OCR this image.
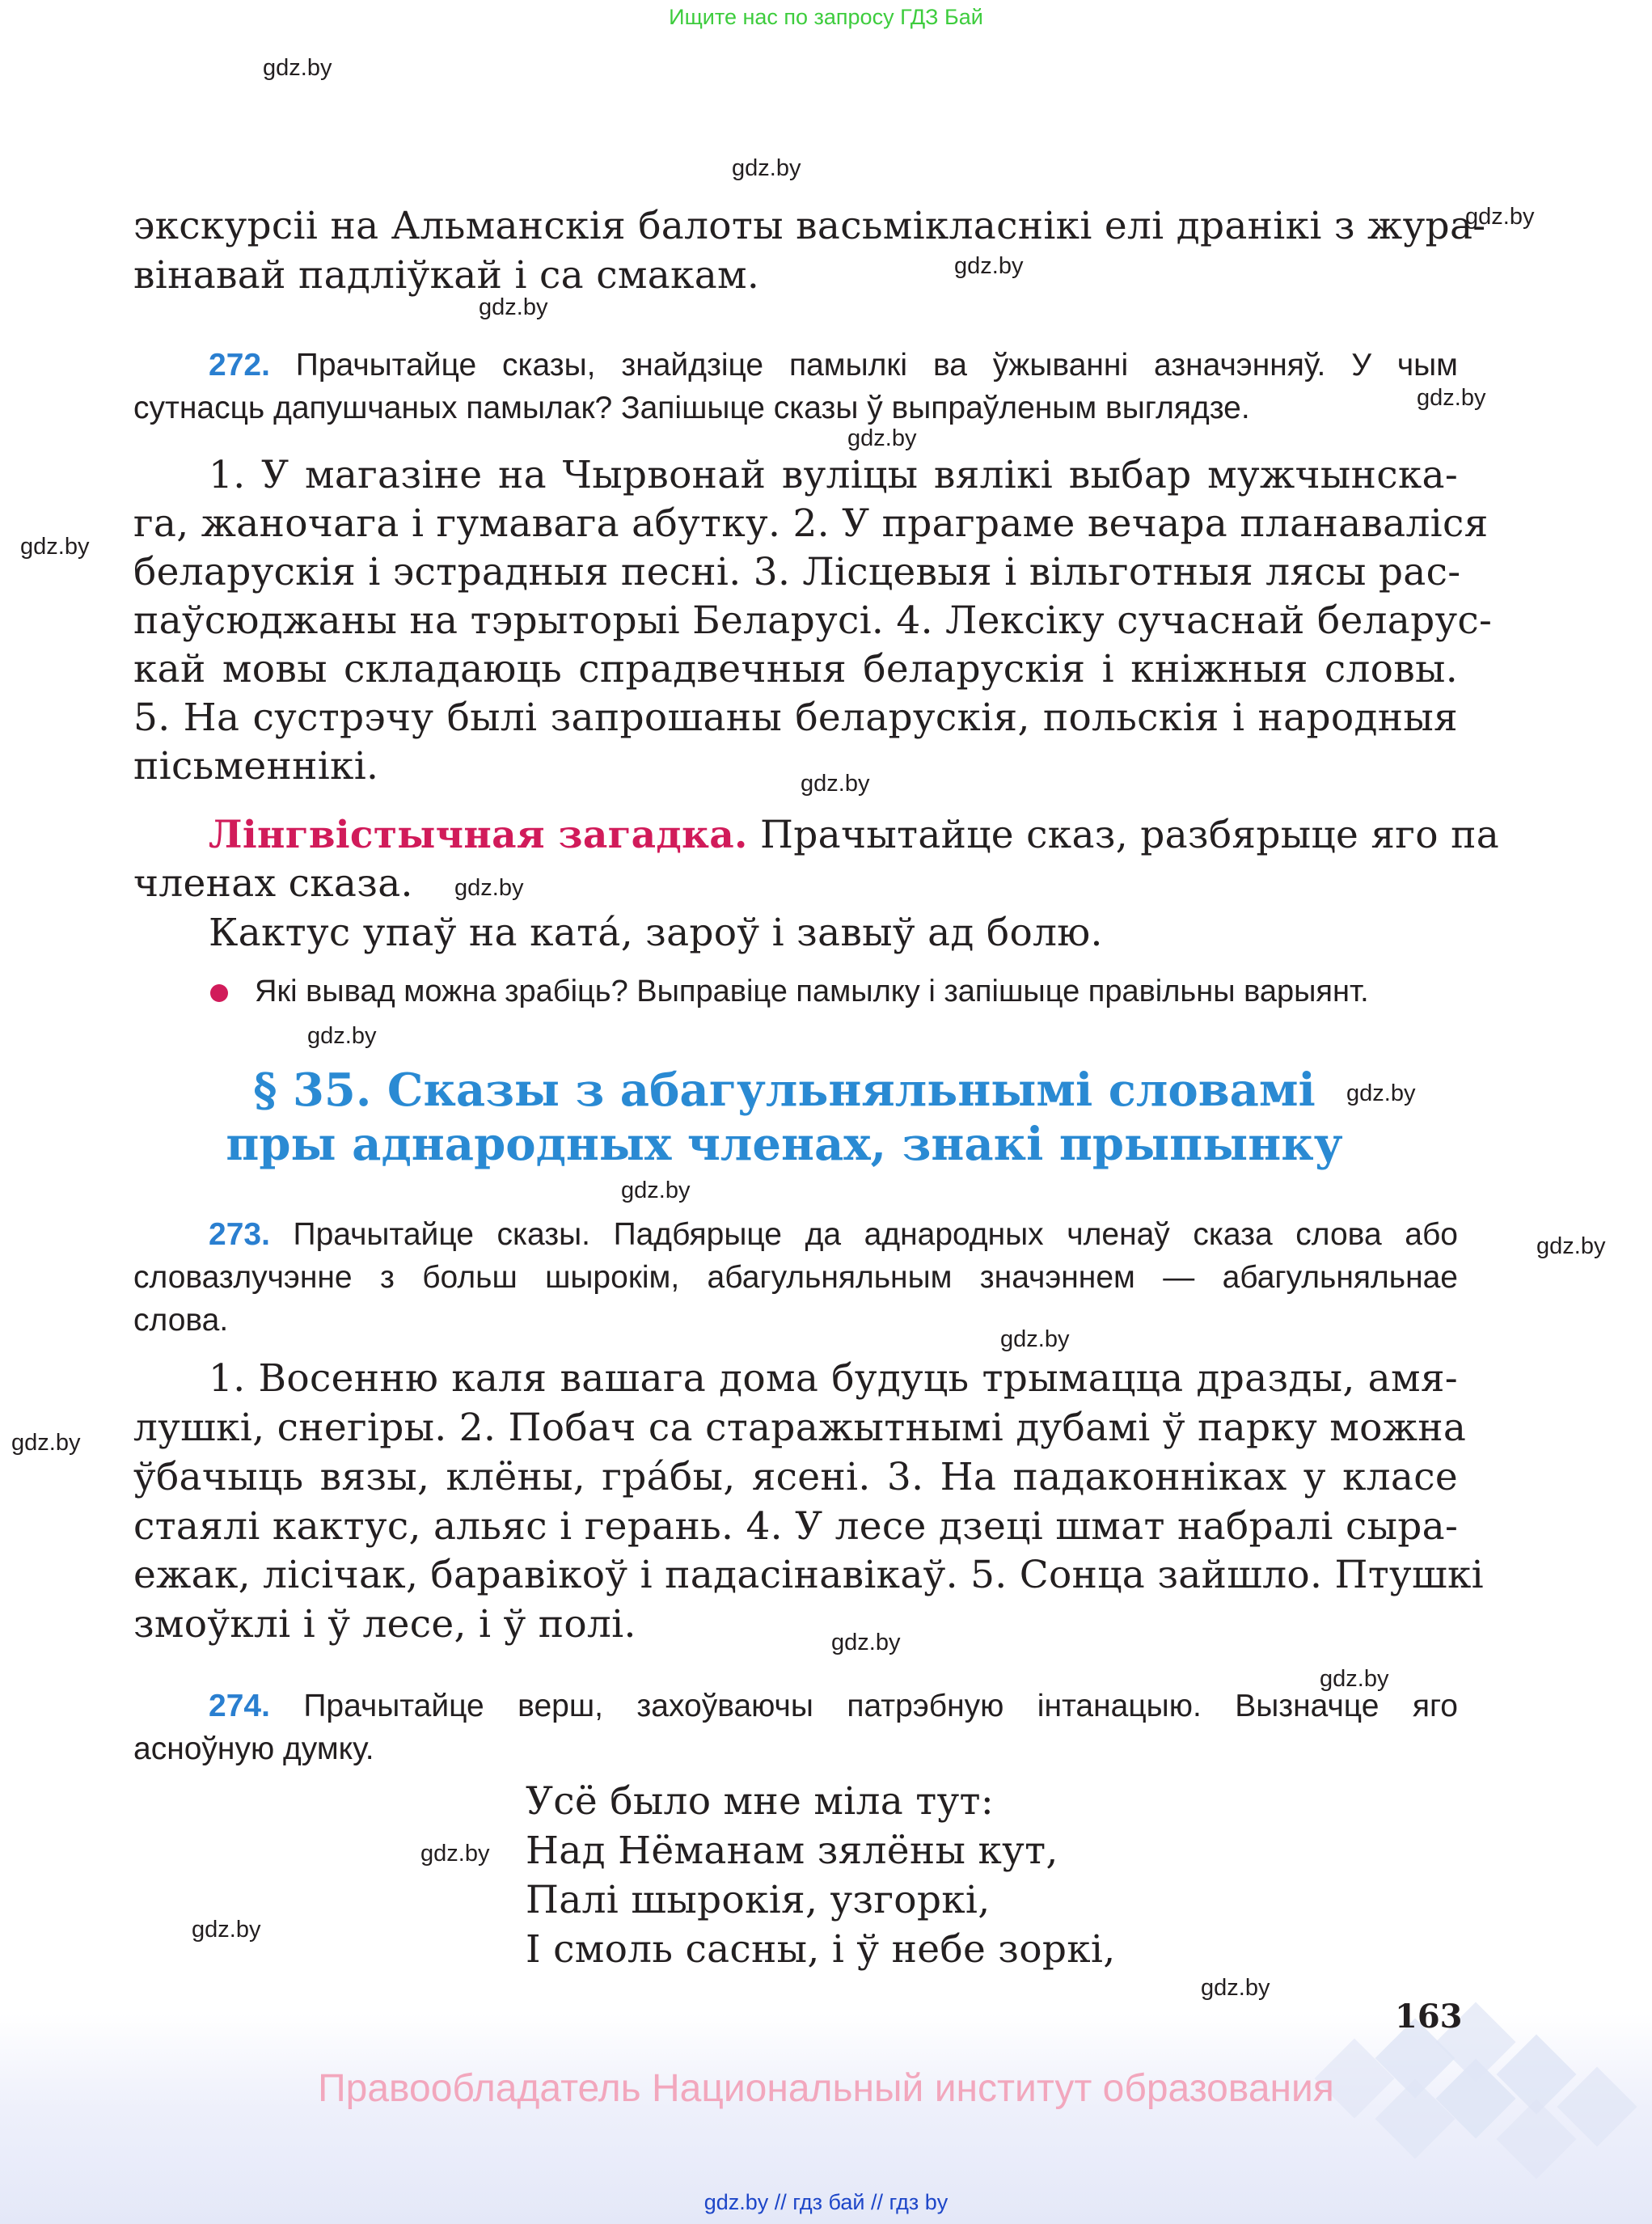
Ищите нас по запросу ГДЗ Бай
gdz.by
gdz.by
gdz.by
gdz.by
gdz.by
gdz.by
gdz.by
gdz.by
gdz.by
gdz.by
gdz.by
gdz.by
gdz.by
gdz.by
gdz.by
gdz.by
gdz.by
gdz.by
gdz.by
gdz.by
gdz.by
экскурсіі на Альманскія балоты васьмікласнікі елі дранікі з жура-
вінавай падліўкай і са смакам.
272. Прачытайце сказы, знайдзіце памылкі ва ўжыванні азначэнняў. У чым
сутнасць дапушчаных памылак? Запішыце сказы ў выпраўленым выглядзе.
1. У магазіне на Чырвонай вуліцы вялікі выбар мужчынска-
га, жаночага і гумавага абутку. 2. У праграме вечара планаваліся
беларускія і эстрадныя песні. 3. Лісцевыя і вільготныя лясы рас-
паўсюджаны на тэрыторыі Беларусі. 4. Лексіку сучаснай беларус-
кай мовы складаюць спрадвечныя беларускія і кніжныя словы.
5. На сустрэчу былі запрошаны беларускія, польскія і народныя
пісьменнікі.
Лінгвістычная загадка. Прачытайце сказ, разбярыце яго па
членах сказа.
Кактус упаў на ката́, зароў і завыў ад болю.
Які вывад можна зрабіць? Выправіце памылку і запішыце правільны варыянт.
§ 35. Сказы з абагульняльнымі словамі
пры аднародных членах, знакі прыпынку
273. Прачытайце сказы. Падбярыце да аднародных членаў сказа слова або
словазлучэнне з больш шырокім, абагульняльным значэннем — абагульняльнае
слова.
1. Восенню каля вашага дома будуць трымацца дразды, амя-
лушкі, снегіры. 2. Побач са старажытнымі дубамі ў парку можна
ўбачыць вязы, клёны, гра́бы, ясені. 3. На падаконніках у класе
стаялі кактус, альяс і герань. 4. У лесе дзеці шмат набралі сыра-
ежак, лісічак, баравікоў і падасінавікаў. 5. Сонца зайшло. Птушкі
змоўклі і ў лесе, і ў полі.
274. Прачытайце верш, захоўваючы патрэбную інтанацыю. Вызначце яго
асноўную думку.
Усё было мне міла тут:
Над Нёманам зялёны кут,
Палі шырокія, узгоркі,
І смоль сасны, і ў небе зоркі,
163
Правообладатель Национальный институт образования
gdz.by // гдз бай // гдз by
